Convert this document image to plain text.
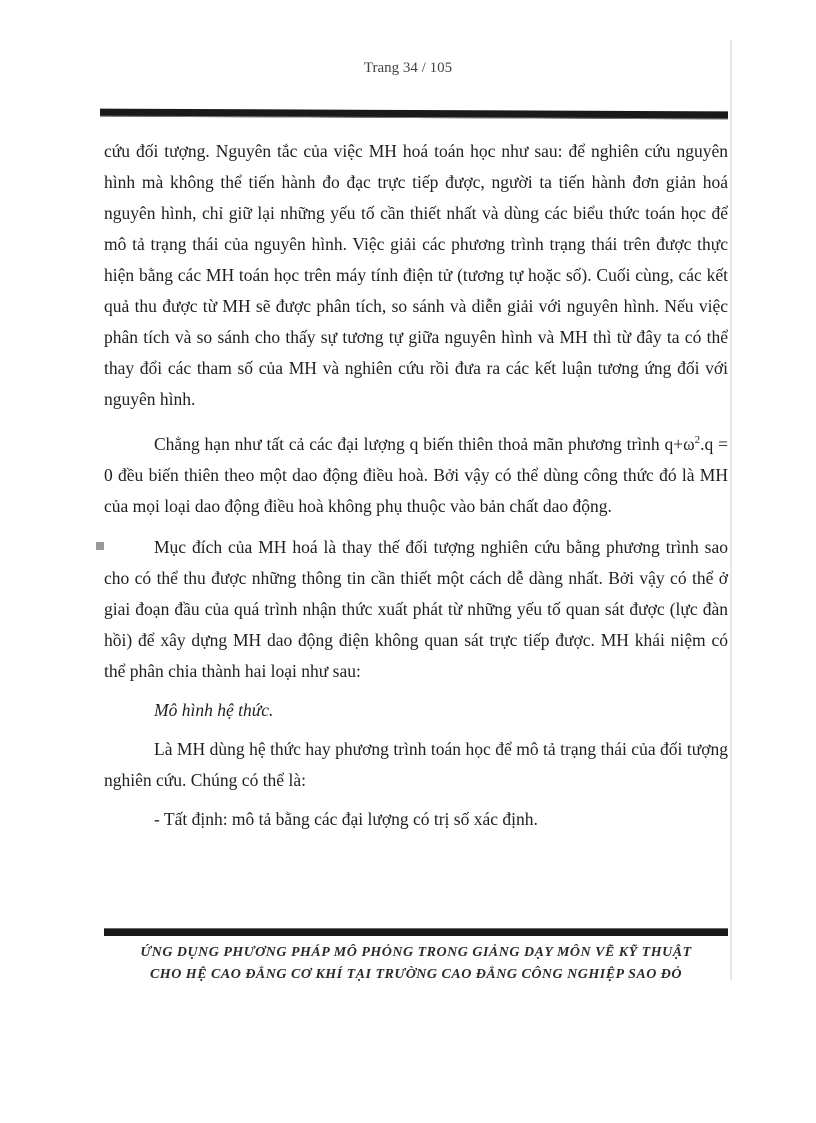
Trang 34 / 105

cứu đối tượng. Nguyên tắc của việc MH hoá toán học như sau: để nghiên cứu nguyên hình mà không thể tiến hành đo đạc trực tiếp được, người ta tiến hành đơn giản hoá nguyên hình, chỉ giữ lại những yếu tố cần thiết nhất và dùng các biểu thức toán học để mô tả trạng thái của nguyên hình. Việc giải các phương trình trạng thái trên được thực hiện bằng các MH toán học trên máy tính điện tử (tương tự hoặc số). Cuối cùng, các kết quả thu được từ MH sẽ được phân tích, so sánh và diễn giải với nguyên hình. Nếu việc phân tích và so sánh cho thấy sự tương tự giữa nguyên hình và MH thì từ đây ta có thể thay đổi các tham số của MH và nghiên cứu rồi đưa ra các kết luận tương ứng đối với nguyên hình.

Chẳng hạn như tất cả các đại lượng q biến thiên thoả mãn phương trình $q+\omega^2.q = 0$ đều biến thiên theo một dao động điều hoà. Bởi vậy có thể dùng công thức đó là MH của mọi loại dao động điều hoà không phụ thuộc vào bản chất dao động.

Mục đích của MH hoá là thay thế đối tượng nghiên cứu bằng phương trình sao cho có thể thu được những thông tin cần thiết một cách dễ dàng nhất. Bởi vậy có thể ở giai đoạn đầu của quá trình nhận thức xuất phát từ những yếu tố quan sát được (lực đàn hồi) để xây dựng MH dao động điện không quan sát trực tiếp được. MH khái niệm có thể phân chia thành hai loại như sau:

Mô hình hệ thức.

Là MH dùng hệ thức hay phương trình toán học để mô tả trạng thái của đối tượng nghiên cứu. Chúng có thể là:

- Tất định: mô tả bằng các đại lượng có trị số xác định.

ỨNG DỤNG PHƯƠNG PHÁP MÔ PHỎNG TRONG GIẢNG DẠY MÔN VẼ KỸ THUẬT
CHO HỆ CAO ĐẲNG CƠ KHÍ TẠI TRƯỜNG CAO ĐẲNG CÔNG NGHIỆP SAO ĐỎ
